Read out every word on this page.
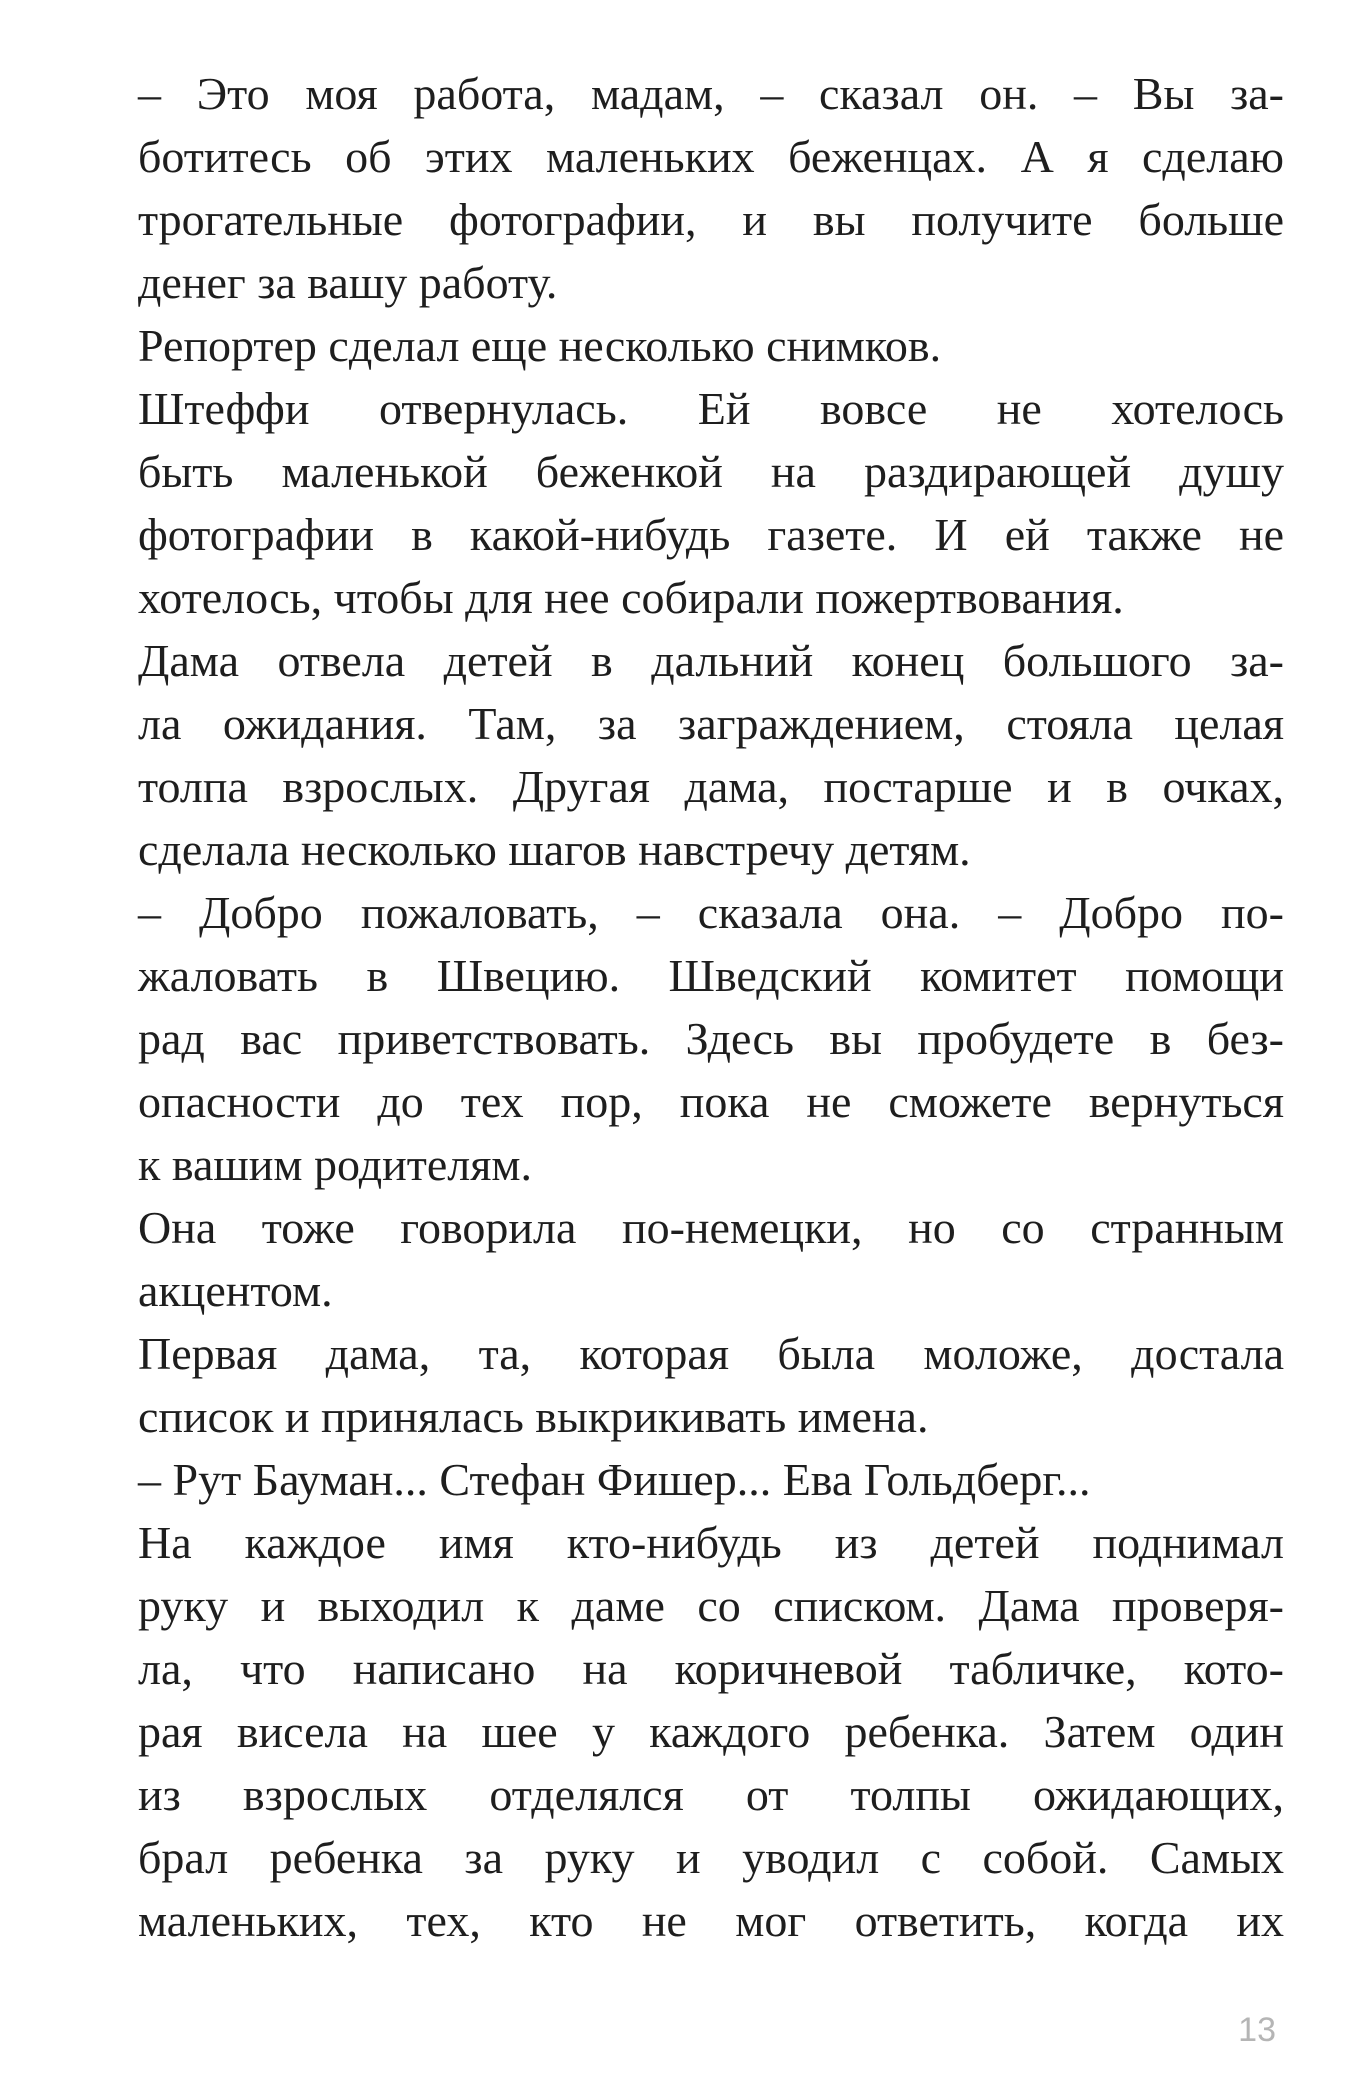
– Это моя работа, мадам, – сказал он. – Вы за-
ботитесь об этих маленьких беженцах. А я сделаю
трогательные фотографии, и вы получите больше
денег за вашу работу.

Репортер сделал еще несколько снимков.

Штеффи отвернулась. Ей вовсе не хотелось
быть маленькой беженкой на раздирающей душу
фотографии в какой-нибудь газете. И ей также не
хотелось, чтобы для нее собирали пожертвования.

Дама отвела детей в дальний конец большого за-
ла ожидания. Там, за заграждением, стояла целая
толпа взрослых. Другая дама, постарше и в очках,
сделала несколько шагов навстречу детям.

– Добро пожаловать, – сказала она. – Добро по-
жаловать в Швецию. Шведский комитет помощи
рад вас приветствовать. Здесь вы пробудете в без-
опасности до тех пор, пока не сможете вернуться
к вашим родителям.

Она тоже говорила по-немецки, но со странным
акцентом.

Первая дама, та, которая была моложе, достала
список и принялась выкрикивать имена.

– Рут Бауман... Стефан Фишер... Ева Гольдберг...

На каждое имя кто-нибудь из детей поднимал
руку и выходил к даме со списком. Дама проверя-
ла, что написано на коричневой табличке, кото-
рая висела на шее у каждого ребенка. Затем один
из взрослых отделялся от толпы ожидающих,
брал ребенка за руку и уводил с собой. Самых
маленьких, тех, кто не мог ответить, когда их

13
